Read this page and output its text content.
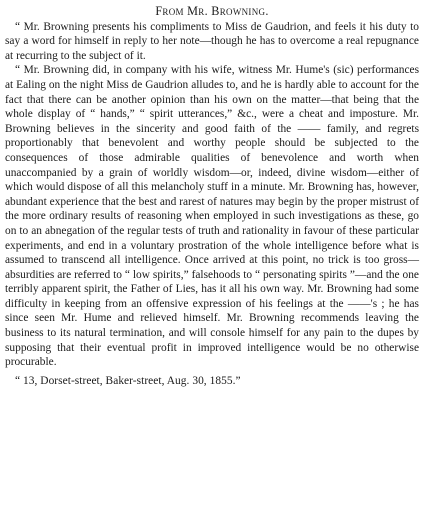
From Mr. Browning.

“ Mr. Browning presents his compliments to Miss de Gaudrion, and feels it his duty to say a word for himself in reply to her note—though he has to overcome a real repugnance at recurring to the subject of it.

“ Mr. Browning did, in company with his wife, witness Mr. Hume's (sic) performances at Ealing on the night Miss de Gaudrion alludes to, and he is hardly able to account for the fact that there can be another opinion than his own on the matter—that being that the whole display of “ hands,” “ spirit utterances,” &c., were a cheat and imposture. Mr. Browning believes in the sincerity and good faith of the —— family, and regrets proportionably that benevolent and worthy people should be subjected to the consequences of those admirable qualities of benevolence and worth when unaccompanied by a grain of worldly wisdom—or, indeed, divine wisdom—either of which would dispose of all this melancholy stuff in a minute. Mr. Browning has, however, abundant experience that the best and rarest of natures may begin by the proper mistrust of the more ordinary results of reasoning when employed in such investigations as these, go on to an abnegation of the regular tests of truth and rationality in favour of these particular experiments, and end in a voluntary prostration of the whole intelligence before what is assumed to transcend all intelligence. Once arrived at this point, no trick is too gross—absurdities are referred to “ low spirits,” falsehoods to “ personating spirits ”—and the one terribly apparent spirit, the Father of Lies, has it all his own way. Mr. Browning had some difficulty in keeping from an offensive expression of his feelings at the ——'s ; he has since seen Mr. Hume and relieved himself. Mr. Browning recommends leaving the business to its natural termination, and will console himself for any pain to the dupes by supposing that their eventual profit in improved intelligence would be no otherwise procurable.

“ 13, Dorset-street, Baker-street, Aug. 30, 1855.”
